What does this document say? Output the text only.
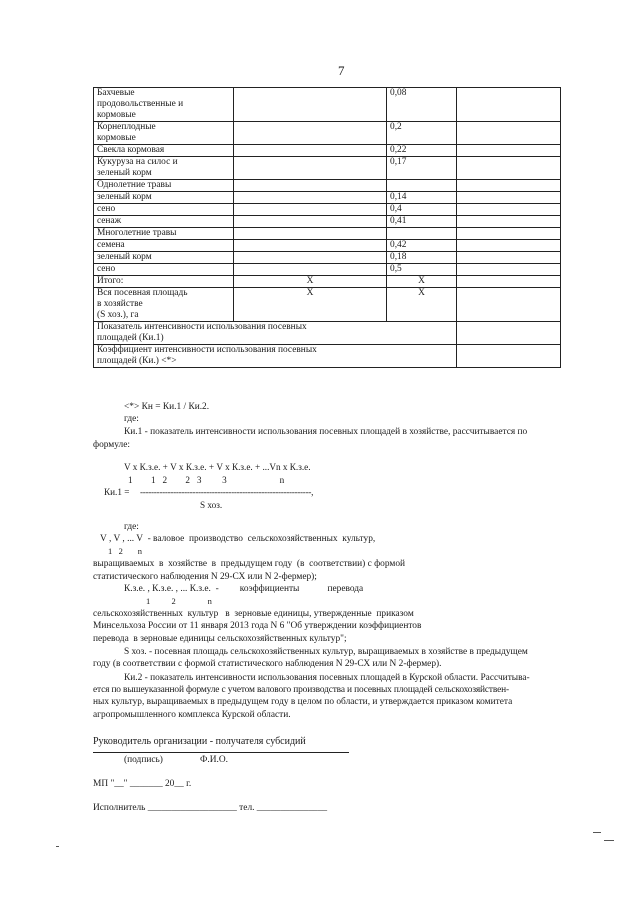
7
Бахчевые
продовольственные и
кормовые		0,08	
Корнеплодные
кормовые		0,2	
Свекла кормовая		0,22	
Кукуруза на силос и
зеленый корм		0,17	
Однолетние травы			
зеленый корм		0,14	
сено		0,4	
сенаж		0,41	
Многолетние травы			
семена		0,42	
зеленый корм		0,18	
сено		0,5	
Итого:	X	X	
Вся посевная площадь
в хозяйстве
(S хоз.), га	X	X	
Показатель интенсивности использования посевных
площадей (Ки.1)			
Коэффициент интенсивности использования посевных
площадей (Ки.) <*>			
<*> Кн = Ки.1 / Ки.2.
где:
Ки.1 - показатель интенсивности использования посевных площадей в хозяйстве, рассчитывается по
формуле:
V x К.з.е. + V x К.з.е. + V x К.з.е. + ...Vn x К.з.е.
1        1   2        2   3         3                       n
Ки.1 = --------------------------------------------------------------,
S хоз.
где:
V , V , ... V  - валовое  производство  сельскохозяйственных  культур,
1   2       n
выращиваемых  в  хозяйстве  в  предыдущем году  (в  соответствии) с формой
статистического наблюдения N 29-СХ или N 2-фермер);
К.з.е. , К.з.е. , ... К.з.е.  -         коэффициенты            перевода
1          2               n
сельскохозяйственных  культур   в  зерновые единицы, утвержденные  приказом
Минсельхоза России от 11 января 2013 года N 6 "Об утверждении коэффициентов
перевода  в зерновые единицы сельскохозяйственных культур";
S хоз. - посевная площадь сельскохозяйственных культур, выращиваемых в хозяйстве в предыдущем
году (в соответствии с формой статистического наблюдения N 29-СХ или N 2-фермер).
Ки.2 - показатель интенсивности использования посевных площадей в Курской области. Рассчитыва-
ется по вышеуказанной формуле с учетом валового производства и посевных площадей сельскохозяйствен-
ных культур, выращиваемых в предыдущем году в целом по области, и утверждается приказом комитета
агропромышленного комплекса Курской области.
Руководитель организации - получателя субсидий
(подпись)	Ф.И.О.
МП "__" _______ 20__ г.
Исполнитель ___________________ тел. _______________
